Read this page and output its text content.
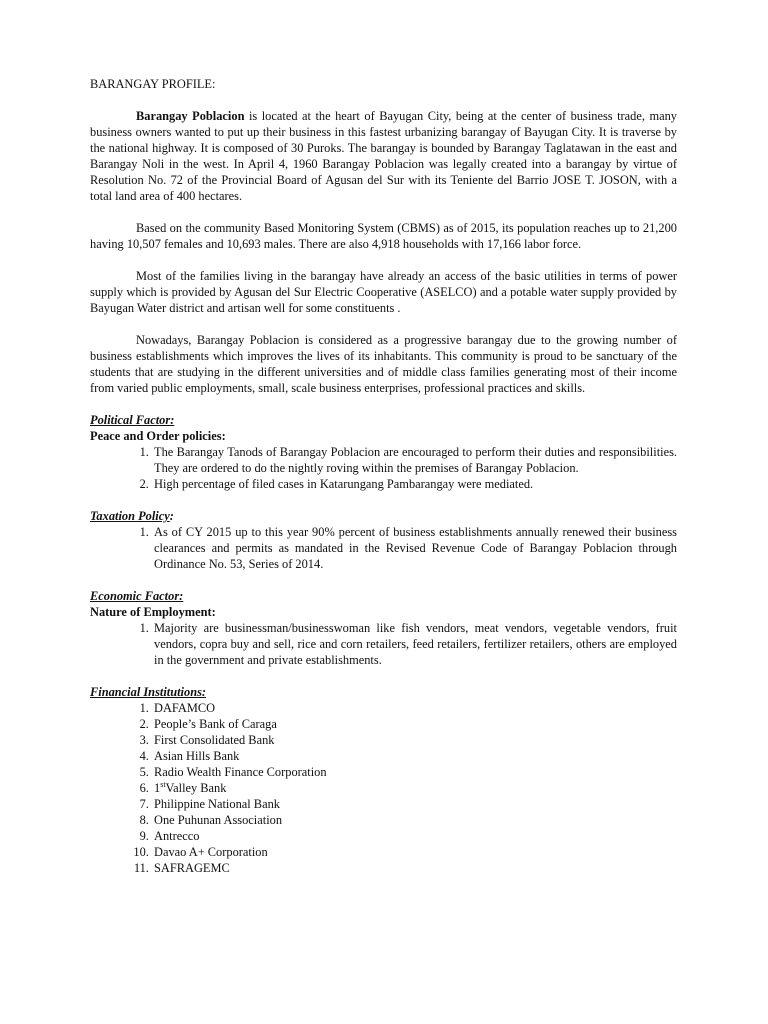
BARANGAY PROFILE:

Barangay Poblacion is located at the heart of Bayugan City, being at the center of business trade, many business owners wanted to put up their business in this fastest urbanizing barangay of Bayugan City. It is traverse by the national highway. It is composed of 30 Puroks. The barangay is bounded by Barangay Taglatawan in the east and Barangay Noli in the west. In April 4, 1960 Barangay Poblacion was legally created into a barangay by virtue of Resolution No. 72 of the Provincial Board of Agusan del Sur with its Teniente del Barrio JOSE T. JOSON, with a total land area of 400 hectares.

Based on the community Based Monitoring System (CBMS) as of 2015, its population reaches up to 21,200 having 10,507 females and 10,693 males. There are also 4,918 households with 17,166 labor force.

Most of the families living in the barangay have already an access of the basic utilities in terms of power supply which is provided by Agusan del Sur Electric Cooperative (ASELCO) and a potable water supply provided by Bayugan Water district and artisan well for some constituents .

Nowadays, Barangay Poblacion is considered as a progressive barangay due to the growing number of business establishments which improves the lives of its inhabitants. This community is proud to be sanctuary of the students that are studying in the different universities and of middle class families generating most of their income from varied public employments, small, scale business enterprises, professional practices and skills.

Political Factor:

Peace and Order policies:

1. The Barangay Tanods of Barangay Poblacion are encouraged to perform their duties and responsibilities. They are ordered to do the nightly roving within the premises of Barangay Poblacion.
2. High percentage of filed cases in Katarungang Pambarangay were mediated.

Taxation Policy:

1. As of CY 2015 up to this year 90% percent of business establishments annually renewed their business clearances and permits as mandated in the Revised Revenue Code of Barangay Poblacion through Ordinance No. 53, Series of 2014.

Economic Factor:

Nature of Employment:

1. Majority are businessman/businesswoman like fish vendors, meat vendors, vegetable vendors, fruit vendors, copra buy and sell, rice and corn retailers, feed retailers, fertilizer retailers, others are employed in the government and private establishments.

Financial Institutions:

1. DAFAMCO
2. People’s Bank of Caraga
3. First Consolidated Bank
4. Asian Hills Bank
5. Radio Wealth Finance Corporation
6. 1stValley Bank
7. Philippine National Bank
8. One Puhunan Association
9. Antrecco
10. Davao A+ Corporation
11. SAFRAGEMC
